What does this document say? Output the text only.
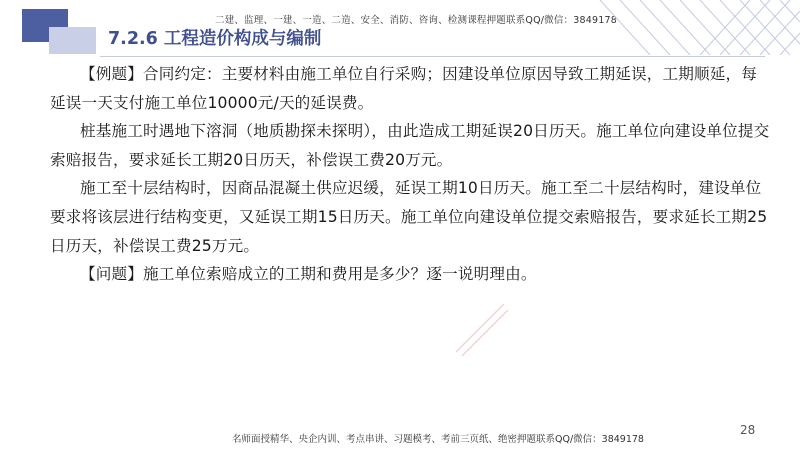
二建、监理、一建、一造、二造、安全、消防、咨询、检测课程押题联系QQ/微信：3849178
7.2.6 工程造价构成与编制

【例题】合同约定：主要材料由施工单位自行采购；因建设单位原因导致工期延误，工期顺延，每延误一天支付施工单位10000元/天的延误费。

桩基施工时遇地下溶洞（地质勘探未探明），由此造成工期延误20日历天。施工单位向建设单位提交索赔报告，要求延长工期20日历天，补偿误工费20万元。

施工至十层结构时，因商品混凝土供应迟缓，延误工期10日历天。施工至二十层结构时，建设单位要求将该层进行结构变更，又延误工期15日历天。施工单位向建设单位提交索赔报告，要求延长工期25日历天，补偿误工费25万元。

【问题】施工单位索赔成立的工期和费用是多少？逐一说明理由。

28
名师面授精华、央企内训、考点串讲、习题模考、考前三页纸、绝密押题联系QQ/微信：3849178
